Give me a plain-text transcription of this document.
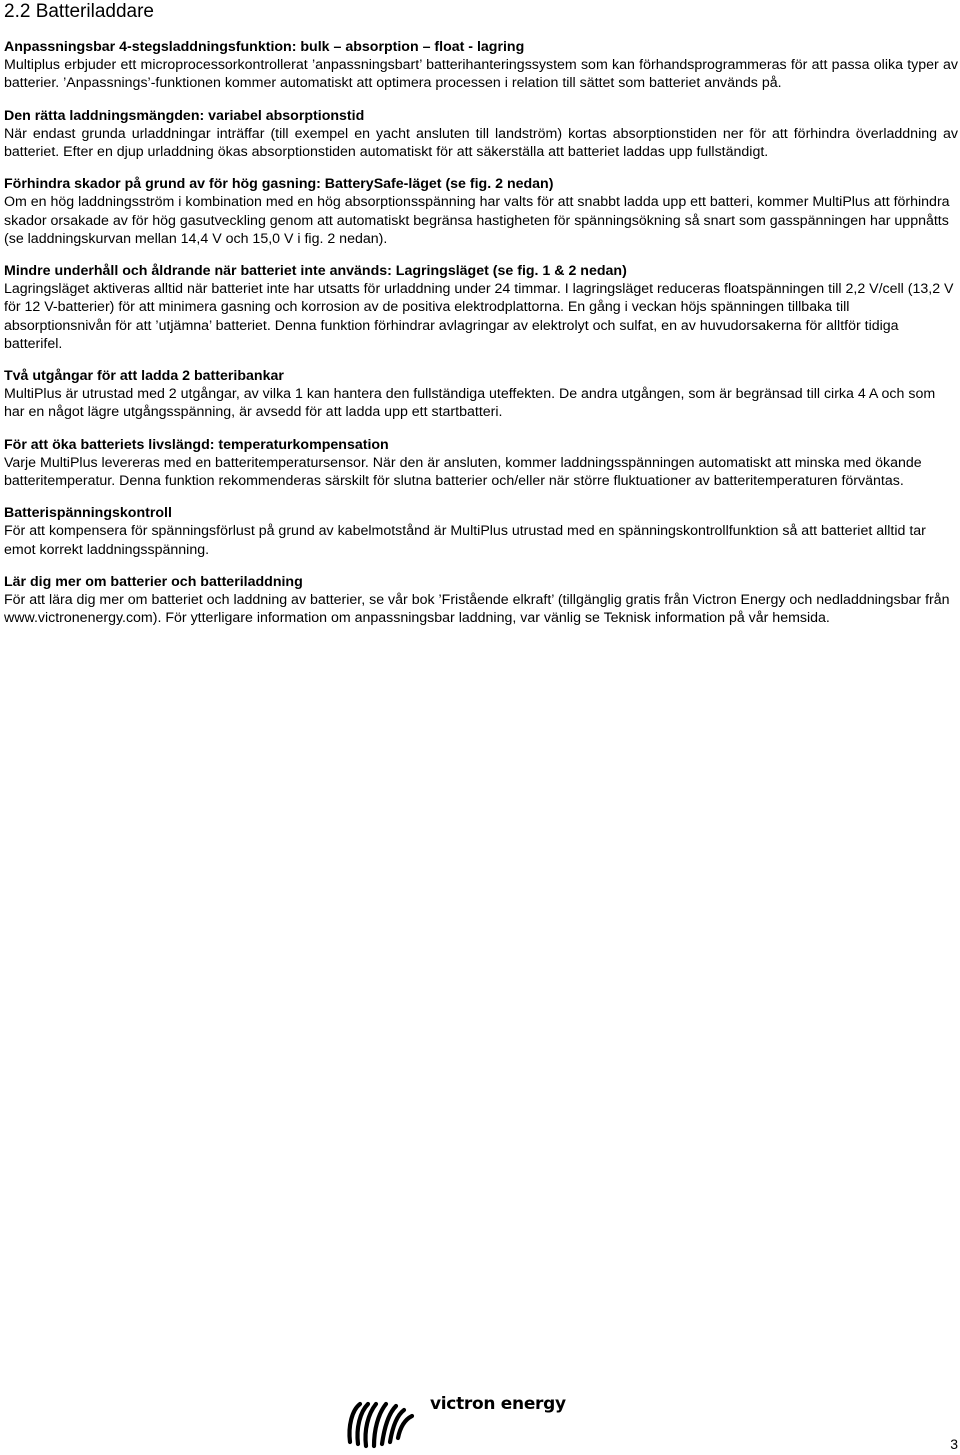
2.2 Batteriladdare
Anpassningsbar 4-stegsladdningsfunktion: bulk – absorption – float - lagring
Multiplus erbjuder ett microprocessorkontrollerat ’anpassningsbart’ batterihanteringssystem som kan förhandsprogrammeras för att passa olika typer av batterier. ’Anpassnings’-funktionen kommer automatiskt att optimera processen i relation till sättet som batteriet används på.
Den rätta laddningsmängden: variabel absorptionstid
När endast grunda urladdningar inträffar (till exempel en yacht ansluten till landström) kortas absorptionstiden ner för att förhindra överladdning av batteriet. Efter en djup urladdning ökas absorptionstiden automatiskt för att säkerställa att batteriet laddas upp fullständigt.
Förhindra skador på grund av för hög gasning: BatterySafe-läget (se fig. 2 nedan)
Om en hög laddningsström i kombination med en hög absorptionsspänning har valts för att snabbt ladda upp ett batteri, kommer MultiPlus att förhindra skador orsakade av för hög gasutveckling genom att automatiskt begränsa hastigheten för spänningsökning så snart som gasspänningen har uppnåtts (se laddningskurvan mellan 14,4 V och 15,0 V i fig. 2 nedan).
Mindre underhåll och åldrande när batteriet inte används: Lagringsläget (se fig. 1 & 2 nedan)
Lagringsläget aktiveras alltid när batteriet inte har utsatts för urladdning under 24 timmar. I lagringsläget reduceras floatspänningen till 2,2 V/cell (13,2 V för 12 V-batterier) för att minimera gasning och korrosion av de positiva elektrodplattorna. En gång i veckan höjs spänningen tillbaka till absorptionsnivån för att ’utjämna’ batteriet. Denna funktion förhindrar avlagringar av elektrolyt och sulfat, en av huvudorsakerna för alltför tidiga batterifel.
Två utgångar för att ladda 2 batteribankar
MultiPlus är utrustad med 2 utgångar, av vilka 1 kan hantera den fullständiga uteffekten. De andra utgången, som är begränsad till cirka 4 A och som har en något lägre utgångsspänning, är avsedd för att ladda upp ett startbatteri.
För att öka batteriets livslängd: temperaturkompensation
Varje MultiPlus levereras med en batteritemperatursensor. När den är ansluten, kommer laddningsspänningen automatiskt att minska med ökande batteritemperatur. Denna funktion rekommenderas särskilt för slutna batterier och/eller när större fluktuationer av batteritemperaturen förväntas.
Batterispänningskontroll
För att kompensera för spänningsförlust på grund av kabelmotstånd är MultiPlus utrustad med en spänningskontrollfunktion så att batteriet alltid tar emot korrekt laddningsspänning.
Lär dig mer om batterier och batteriladdning
För att lära dig mer om batteriet och laddning av batterier, se vår bok ’Fristående elkraft’ (tillgänglig gratis från Victron Energy och nedladdningsbar från www.victronenergy.com). För ytterligare information om anpassningsbar laddning, var vänlig se Teknisk information på vår hemsida.
victron energy
3
